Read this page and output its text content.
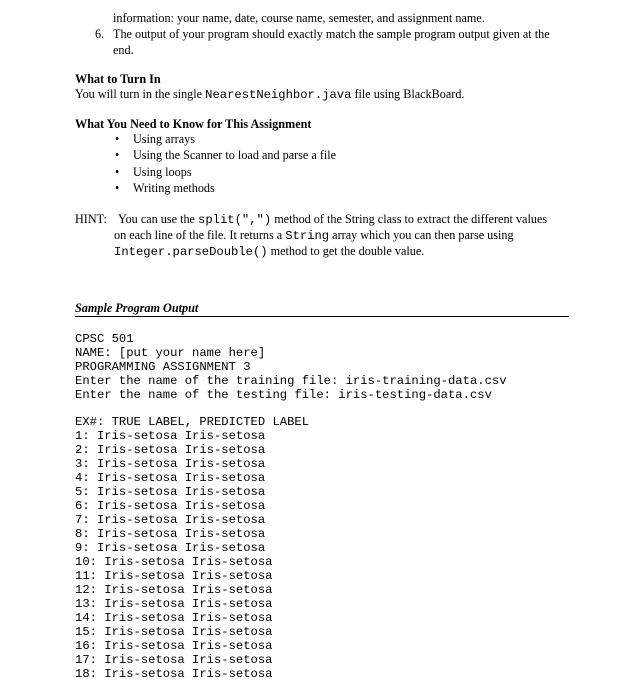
information: your name, date, course name, semester, and assignment name.
6. The output of your program should exactly match the sample program output given at the
end.
What to Turn In
You will turn in the single NearestNeighbor.java file using BlackBoard.
What You Need to Know for This Assignment
• Using arrays
• Using the Scanner to load and parse a file
• Using loops
• Writing methods
HINT: You can use the split(",") method of the String class to extract the different values
on each line of the file. It returns a String array which you can then parse using
Integer.parseDouble() method to get the double value.
Sample Program Output
CPSC 501
NAME: [put your name here]
PROGRAMMING ASSIGNMENT 3
Enter the name of the training file: iris-training-data.csv
Enter the name of the testing file: iris-testing-data.csv
EX#: TRUE LABEL, PREDICTED LABEL
1: Iris-setosa Iris-setosa
2: Iris-setosa Iris-setosa
3: Iris-setosa Iris-setosa
4: Iris-setosa Iris-setosa
5: Iris-setosa Iris-setosa
6: Iris-setosa Iris-setosa
7: Iris-setosa Iris-setosa
8: Iris-setosa Iris-setosa
9: Iris-setosa Iris-setosa
10: Iris-setosa Iris-setosa
11: Iris-setosa Iris-setosa
12: Iris-setosa Iris-setosa
13: Iris-setosa Iris-setosa
14: Iris-setosa Iris-setosa
15: Iris-setosa Iris-setosa
16: Iris-setosa Iris-setosa
17: Iris-setosa Iris-setosa
18: Iris-setosa Iris-setosa
